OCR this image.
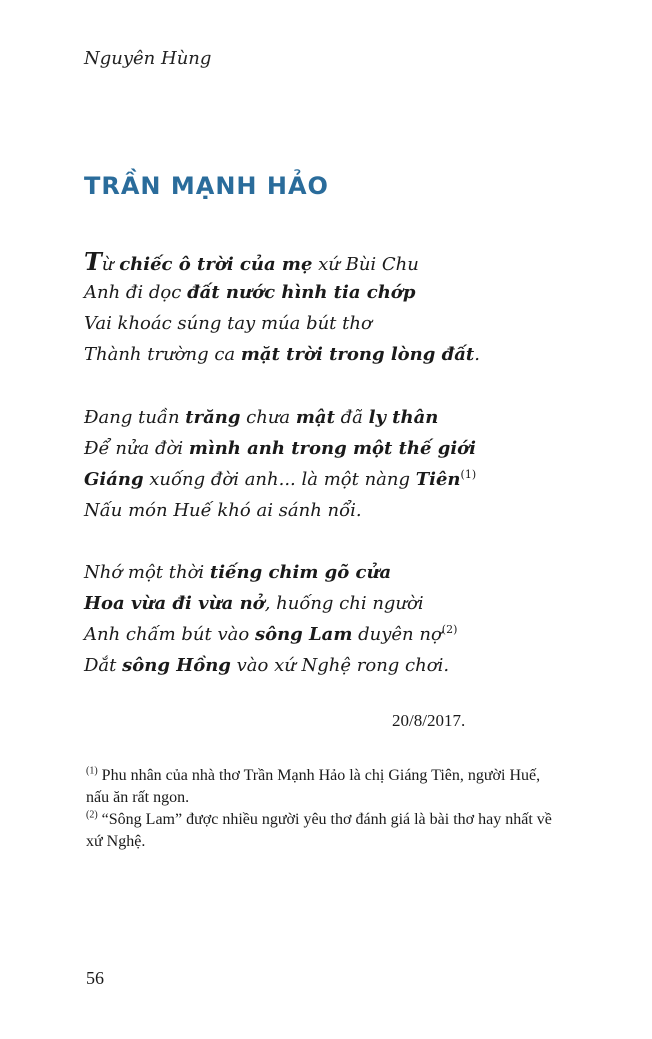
Nguyên Hùng
TRẦN MẠNH HẢO
Từ chiếc ô trời của mẹ xứ Bùi Chu
Anh đi dọc đất nước hình tia chớp
Vai khoác súng tay múa bút thơ
Thành trường ca mặt trời trong lòng đất.
Đang tuần trăng chưa mật đã ly thân
Để nửa đời mình anh trong một thế giới
Giáng xuống đời anh... là một nàng Tiên$^{(1)}$
Nấu món Huế khó ai sánh nổi.
Nhớ một thời tiếng chim gõ cửa
Hoa vừa đi vừa nở, huống chi người
Anh chấm bút vào sông Lam duyên nợ$^{(2)}$
Dắt sông Hồng vào xứ Nghệ rong chơi.
20/8/2017.
$^{(1)}$ Phu nhân của nhà thơ Trần Mạnh Hảo là chị Giáng Tiên, người Huế, nấu ăn rất ngon.
$^{(2)}$ “Sông Lam” được nhiều người yêu thơ đánh giá là bài thơ hay nhất về xứ Nghệ.
56
